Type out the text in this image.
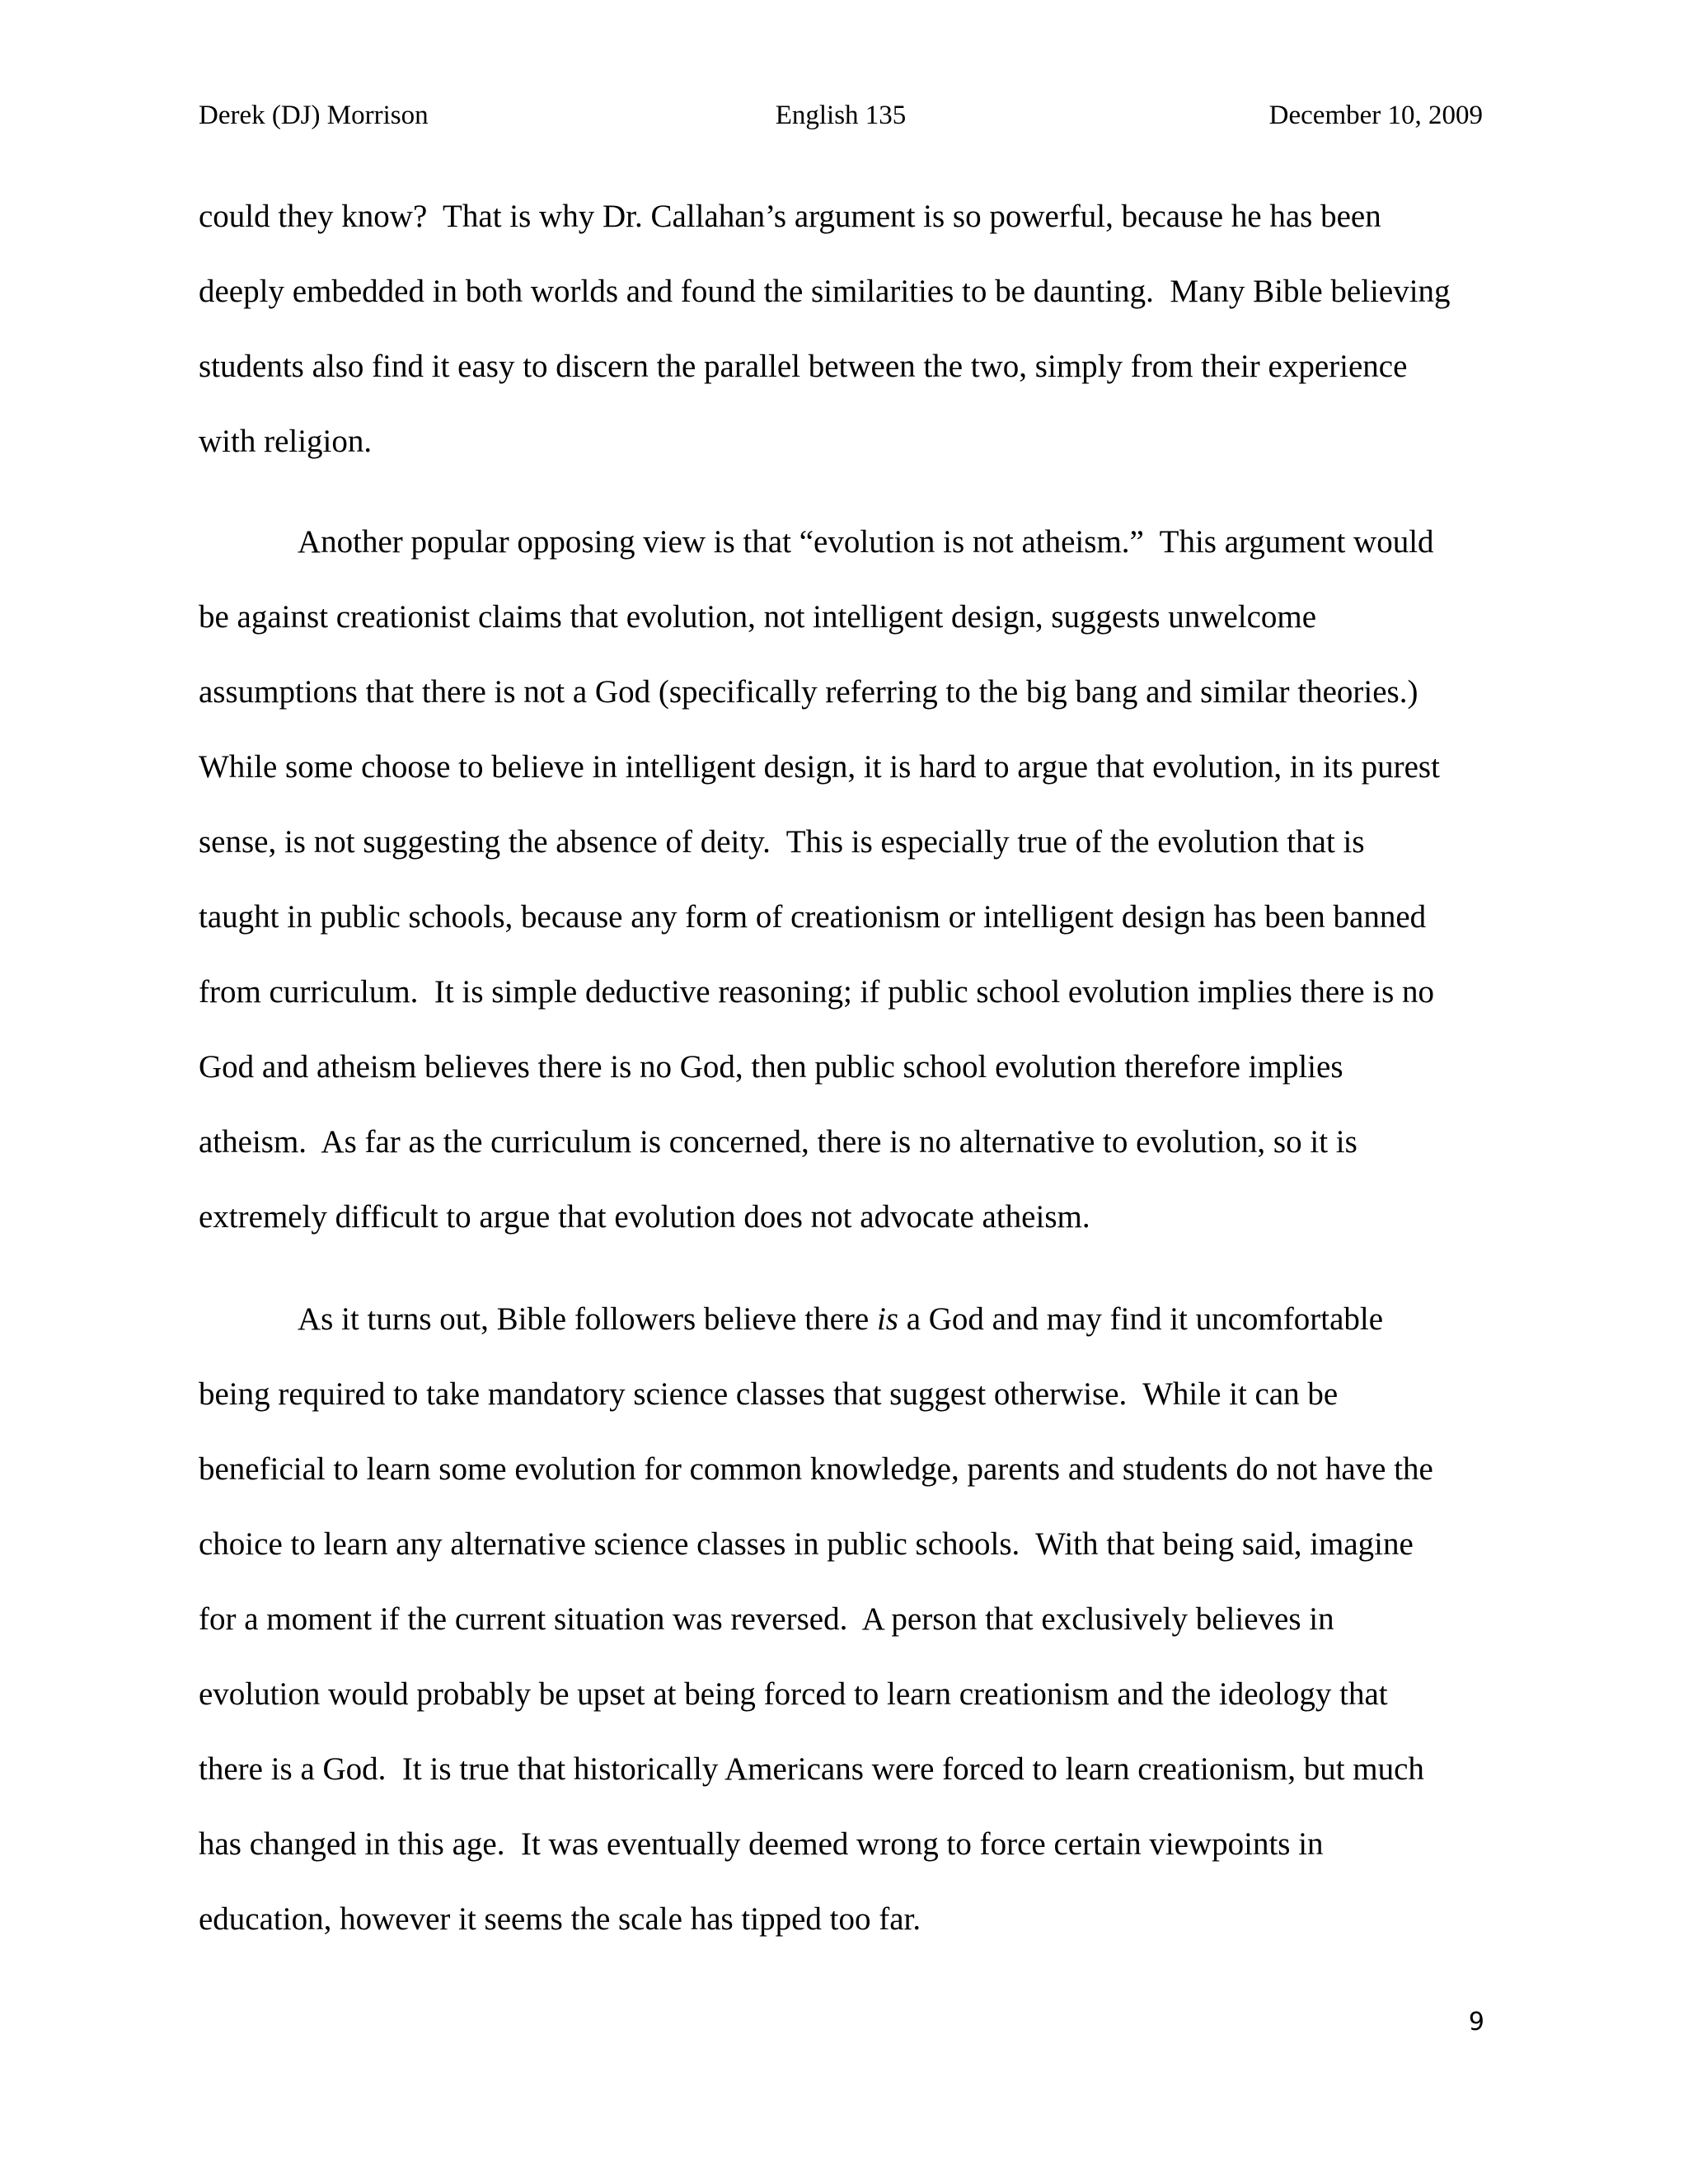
Derek (DJ) Morrison	English 135	December 10, 2009
could they know?  That is why Dr. Callahan’s argument is so powerful, because he has been
deeply embedded in both worlds and found the similarities to be daunting.  Many Bible believing
students also find it easy to discern the parallel between the two, simply from their experience
with religion.
Another popular opposing view is that “evolution is not atheism.”  This argument would
be against creationist claims that evolution, not intelligent design, suggests unwelcome
assumptions that there is not a God (specifically referring to the big bang and similar theories.)
While some choose to believe in intelligent design, it is hard to argue that evolution, in its purest
sense, is not suggesting the absence of deity.  This is especially true of the evolution that is
taught in public schools, because any form of creationism or intelligent design has been banned
from curriculum.  It is simple deductive reasoning; if public school evolution implies there is no
God and atheism believes there is no God, then public school evolution therefore implies
atheism.  As far as the curriculum is concerned, there is no alternative to evolution, so it is
extremely difficult to argue that evolution does not advocate atheism.
As it turns out, Bible followers believe there is a God and may find it uncomfortable
being required to take mandatory science classes that suggest otherwise.  While it can be
beneficial to learn some evolution for common knowledge, parents and students do not have the
choice to learn any alternative science classes in public schools.  With that being said, imagine
for a moment if the current situation was reversed.  A person that exclusively believes in
evolution would probably be upset at being forced to learn creationism and the ideology that
there is a God.  It is true that historically Americans were forced to learn creationism, but much
has changed in this age.  It was eventually deemed wrong to force certain viewpoints in
education, however it seems the scale has tipped too far.
9
